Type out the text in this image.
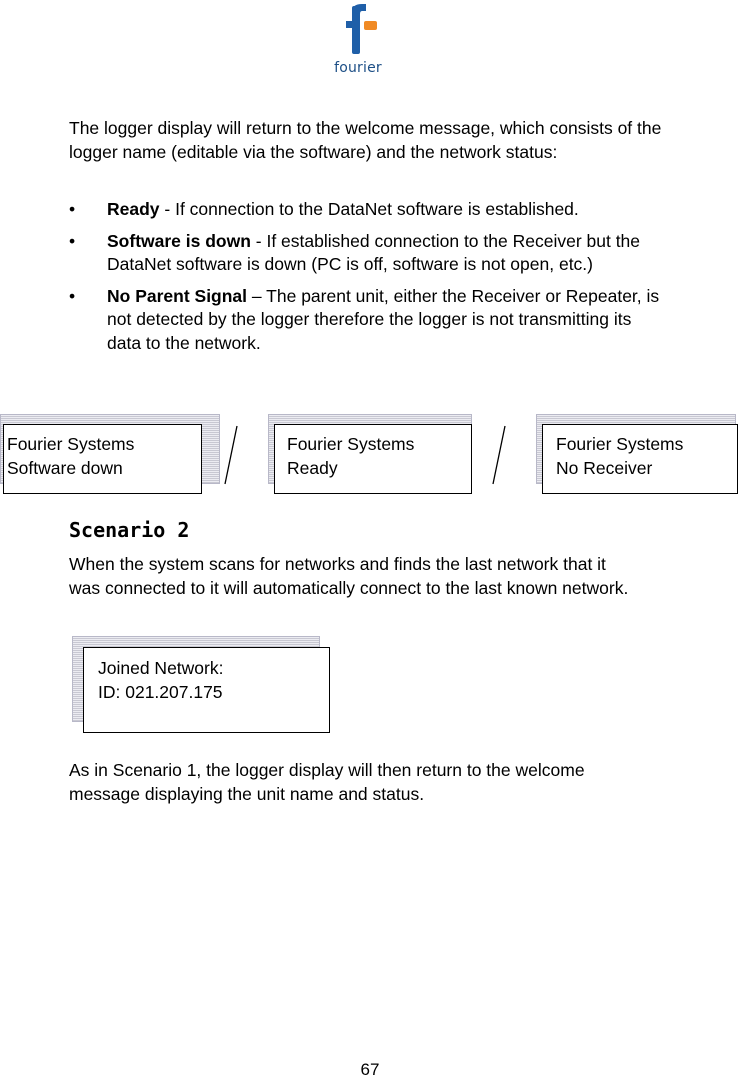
fourier

The logger display will return to the welcome message, which consists of the logger name (editable via the software) and the network status:

• Ready - If connection to the DataNet software is established.
• Software is down - If established connection to the Receiver but the DataNet software is down (PC is off, software is not open, etc.)
• No Parent Signal – The parent unit, either the Receiver or Repeater, is not detected by the logger therefore the logger is not transmitting its data to the network.
Fourier Systems
Software down
Fourier Systems
Ready
Fourier Systems
No Receiver
Scenario 2

When the system scans for networks and finds the last network that it was connected to it will automatically connect to the last known network.

Joined Network:
ID: 021.207.175

As in Scenario 1, the logger display will then return to the welcome message displaying the unit name and status.

67
